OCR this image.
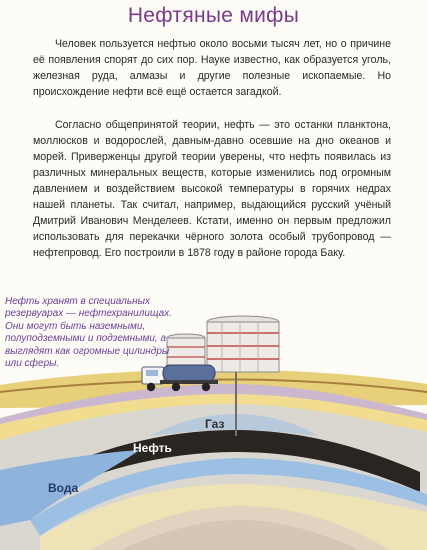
Нефтяные мифы

Человек пользуется нефтью около восьми тысяч лет, но о причине её появления спорят до сих пор. Науке известно, как образуется уголь, железная руда, алмазы и другие полезные ископаемые. Но происхождение нефти всё ещё остается загадкой.

Согласно общепринятой теории, нефть — это останки планктона, моллюсков и водорослей, давным-давно осевшие на дно океанов и морей. Приверженцы другой теории уверены, что нефть появилась из различных минеральных веществ, которые изменились под огромным давлением и воздействием высокой температуры в горячих недрах нашей планеты. Так считал, например, выдающийся русский учёный Дмитрий Иванович Менделеев. Кстати, именно он первым предложил использовать для перекачки чёрного золота особый трубопровод — нефтепровод. Его построили в 1878 году в районе города Баку.

Газ
Нефть
Вода

Нефть хранят в специальных резервуарах — нефтехранилищах. Они могут быть наземными, полуподземными и подземными, а выглядят как огромные цилиндры или сферы.
